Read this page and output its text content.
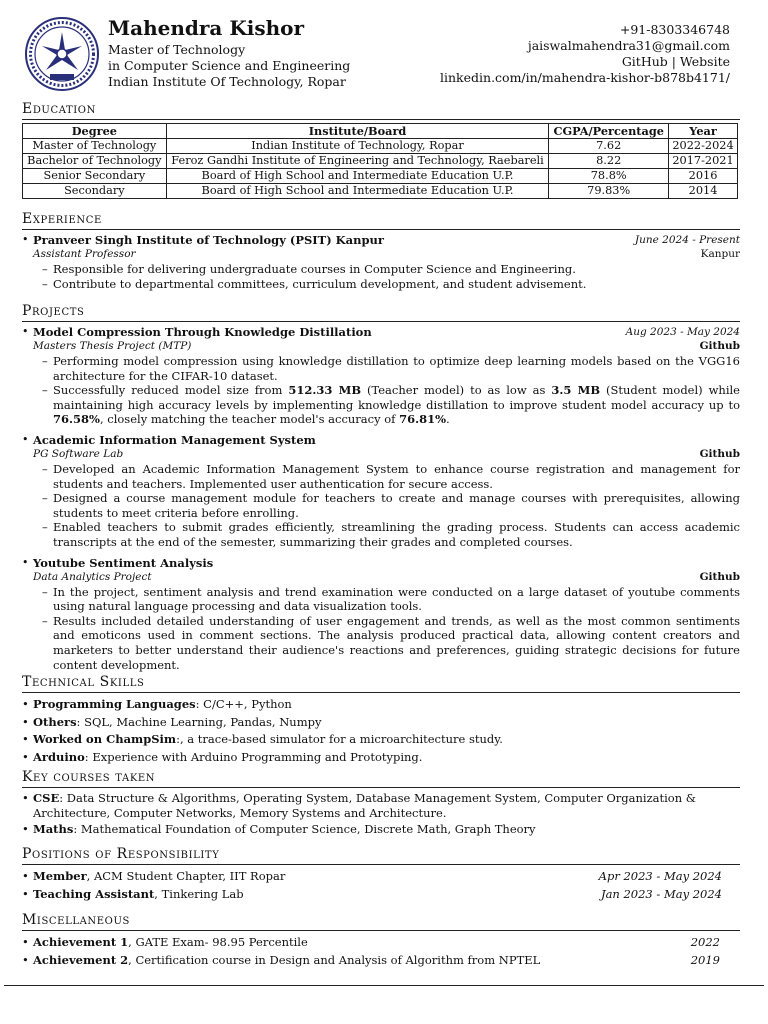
Mahendra Kishor
Master of Technology
in Computer Science and Engineering
Indian Institute Of Technology, Ropar
+91-8303346748
jaiswalmahendra31@gmail.com
GitHub | Website
linkedin.com/in/mahendra-kishor-b878b4171/
Education
Degree	Institute/Board	CGPA/Percentage	Year
Master of Technology	Indian Institute of Technology, Ropar	7.62	2022-2024
Bachelor of Technology	Feroz Gandhi Institute of Engineering and Technology, Raebareli	8.22	2017-2021
Senior Secondary	Board of High School and Intermediate Education U.P.	78.8%	2016
Secondary	Board of High School and Intermediate Education U.P.	79.83%	2014
Experience
• Pranveer Singh Institute of Technology (PSIT) Kanpur	June 2024 - Present
Assistant Professor	Kanpur
– Responsible for delivering undergraduate courses in Computer Science and Engineering.
– Contribute to departmental committees, curriculum development, and student advisement.
Projects
• Model Compression Through Knowledge Distillation	Aug 2023 - May 2024
Masters Thesis Project (MTP)	Github
– Performing model compression using knowledge distillation to optimize deep learning models based on the VGG16 architecture for the CIFAR-10 dataset.
– Successfully reduced model size from 512.33 MB (Teacher model) to as low as 3.5 MB (Student model) while maintaining high accuracy levels by implementing knowledge distillation to improve student model accuracy up to 76.58%, closely matching the teacher model's accuracy of 76.81%.
• Academic Information Management System
PG Software Lab	Github
– Developed an Academic Information Management System to enhance course registration and management for students and teachers. Implemented user authentication for secure access.
– Designed a course management module for teachers to create and manage courses with prerequisites, allowing students to meet criteria before enrolling.
– Enabled teachers to submit grades efficiently, streamlining the grading process. Students can access academic transcripts at the end of the semester, summarizing their grades and completed courses.
• Youtube Sentiment Analysis
Data Analytics Project	Github
– In the project, sentiment analysis and trend examination were conducted on a large dataset of youtube comments using natural language processing and data visualization tools.
– Results included detailed understanding of user engagement and trends, as well as the most common sentiments and emoticons used in comment sections. The analysis produced practical data, allowing content creators and marketers to better understand their audience's reactions and preferences, guiding strategic decisions for future content development.
Technical Skills
• Programming Languages: C/C++, Python
• Others: SQL, Machine Learning, Pandas, Numpy
• Worked on ChampSim:, a trace-based simulator for a microarchitecture study.
• Arduino: Experience with Arduino Programming and Prototyping.
Key courses taken
• CSE: Data Structure & Algorithms, Operating System, Database Management System, Computer Organization & Architecture, Computer Networks, Memory Systems and Architecture.
• Maths: Mathematical Foundation of Computer Science, Discrete Math, Graph Theory
Positions of Responsibility
• Member, ACM Student Chapter, IIT Ropar	Apr 2023 - May 2024
• Teaching Assistant, Tinkering Lab	Jan 2023 - May 2024
Miscellaneous
• Achievement 1, GATE Exam- 98.95 Percentile	2022
• Achievement 2, Certification course in Design and Analysis of Algorithm from NPTEL	2019
